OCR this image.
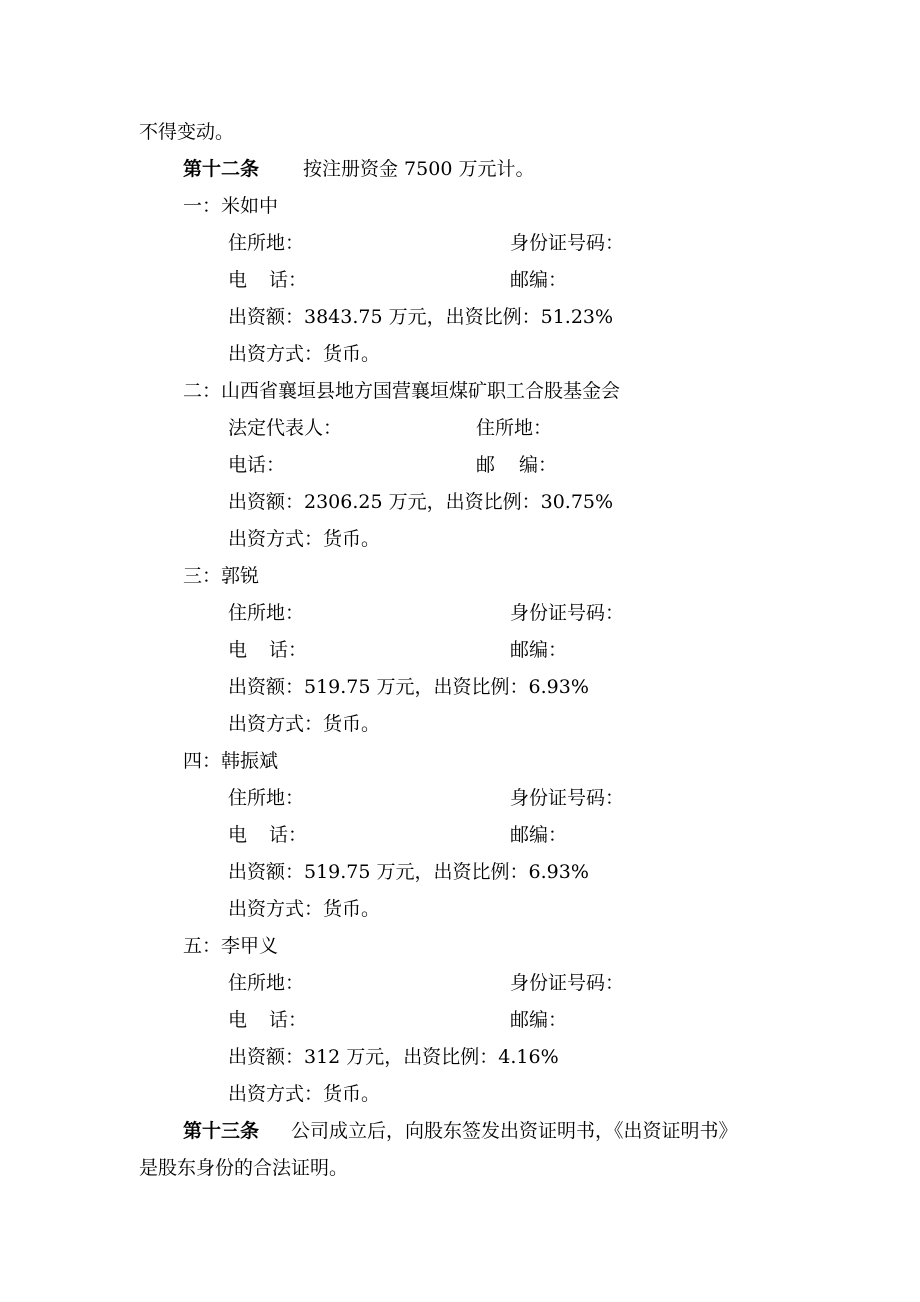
不得变动。
第十二条 按注册资金 7500 万元计。
一：米如中
住所地：	身份证号码：
电 话：	邮编：
出资额：3843.75 万元，出资比例：51.23%
出资方式：货币。
二：山西省襄垣县地方国营襄垣煤矿职工合股基金会
法定代表人：	住所地：
电话：	邮 编：
出资额：2306.25 万元，出资比例：30.75%
出资方式：货币。
三：郭锐
住所地：	身份证号码：
电 话：	邮编：
出资额：519.75 万元，出资比例：6.93%
出资方式：货币。
四：韩振斌
住所地：	身份证号码：
电 话：	邮编：
出资额：519.75 万元，出资比例：6.93%
出资方式：货币。
五：李甲义
住所地：	身份证号码：
电 话：	邮编：
出资额：312 万元，出资比例：4.16%
出资方式：货币。
第十三条 公司成立后，向股东签发出资证明书，《出资证明书》
是股东身份的合法证明。
